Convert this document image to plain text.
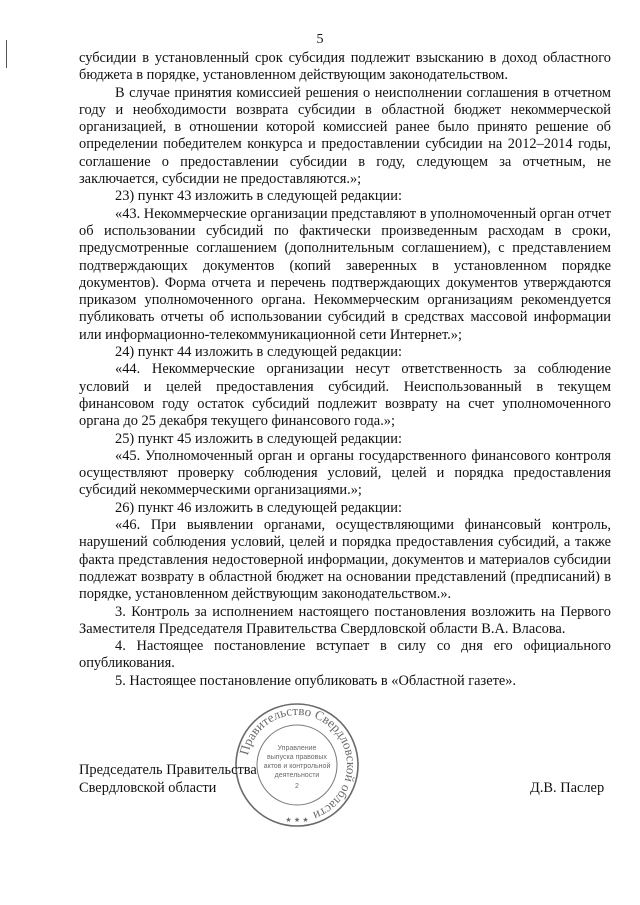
5

субсидии в установленный срок субсидия подлежит взысканию в доход областного бюджета в порядке, установленном действующим законодательством.

В случае принятия комиссией решения о неисполнении соглашения в отчетном году и необходимости возврата субсидии в областной бюджет некоммерческой организацией, в отношении которой комиссией ранее было принято решение об определении победителем конкурса и предоставлении субсидии на 2012–2014 годы, соглашение о предоставлении субсидии в году, следующем за отчетным, не заключается, субсидии не предоставляются.»;

23) пункт 43 изложить в следующей редакции:

«43. Некоммерческие организации представляют в уполномоченный орган отчет об использовании субсидий по фактически произведенным расходам в сроки, предусмотренные соглашением (дополнительным соглашением), с представлением подтверждающих документов (копий заверенных в установленном порядке документов). Форма отчета и перечень подтверждающих документов утверждаются приказом уполномоченного органа. Некоммерческим организациям рекомендуется публиковать отчеты об использовании субсидий в средствах массовой информации или информационно-телекоммуникационной сети Интернет.»;

24) пункт 44 изложить в следующей редакции:

«44. Некоммерческие организации несут ответственность за соблюдение условий и целей предоставления субсидий. Неиспользованный в текущем финансовом году остаток субсидий подлежит возврату на счет уполномоченного органа до 25 декабря текущего финансового года.»;

25) пункт 45 изложить в следующей редакции:

«45. Уполномоченный орган и органы государственного финансового контроля осуществляют проверку соблюдения условий, целей и порядка предоставления субсидий некоммерческими организациями.»;

26) пункт 46 изложить в следующей редакции:

«46. При выявлении органами, осуществляющими финансовый контроль, нарушений соблюдения условий, целей и порядка предоставления субсидий, а также факта представления недостоверной информации, документов и материалов субсидии подлежат возврату в областной бюджет на основании представлений (предписаний) в порядке, установленном действующим законодательством.».

3. Контроль за исполнением настоящего постановления возложить на Первого Заместителя Председателя Правительства Свердловской области В.А. Власова.

4. Настоящее постановление вступает в силу со дня его официального опубликования.

5. Настоящее постановление опубликовать в «Областной газете».

Правительство Свердловской области
Управление
выпуска правовых
актов и контрольной
деятельности
2
★ ★ ★
Председатель Правительства
Свердловской области	Д.В. Паслер
